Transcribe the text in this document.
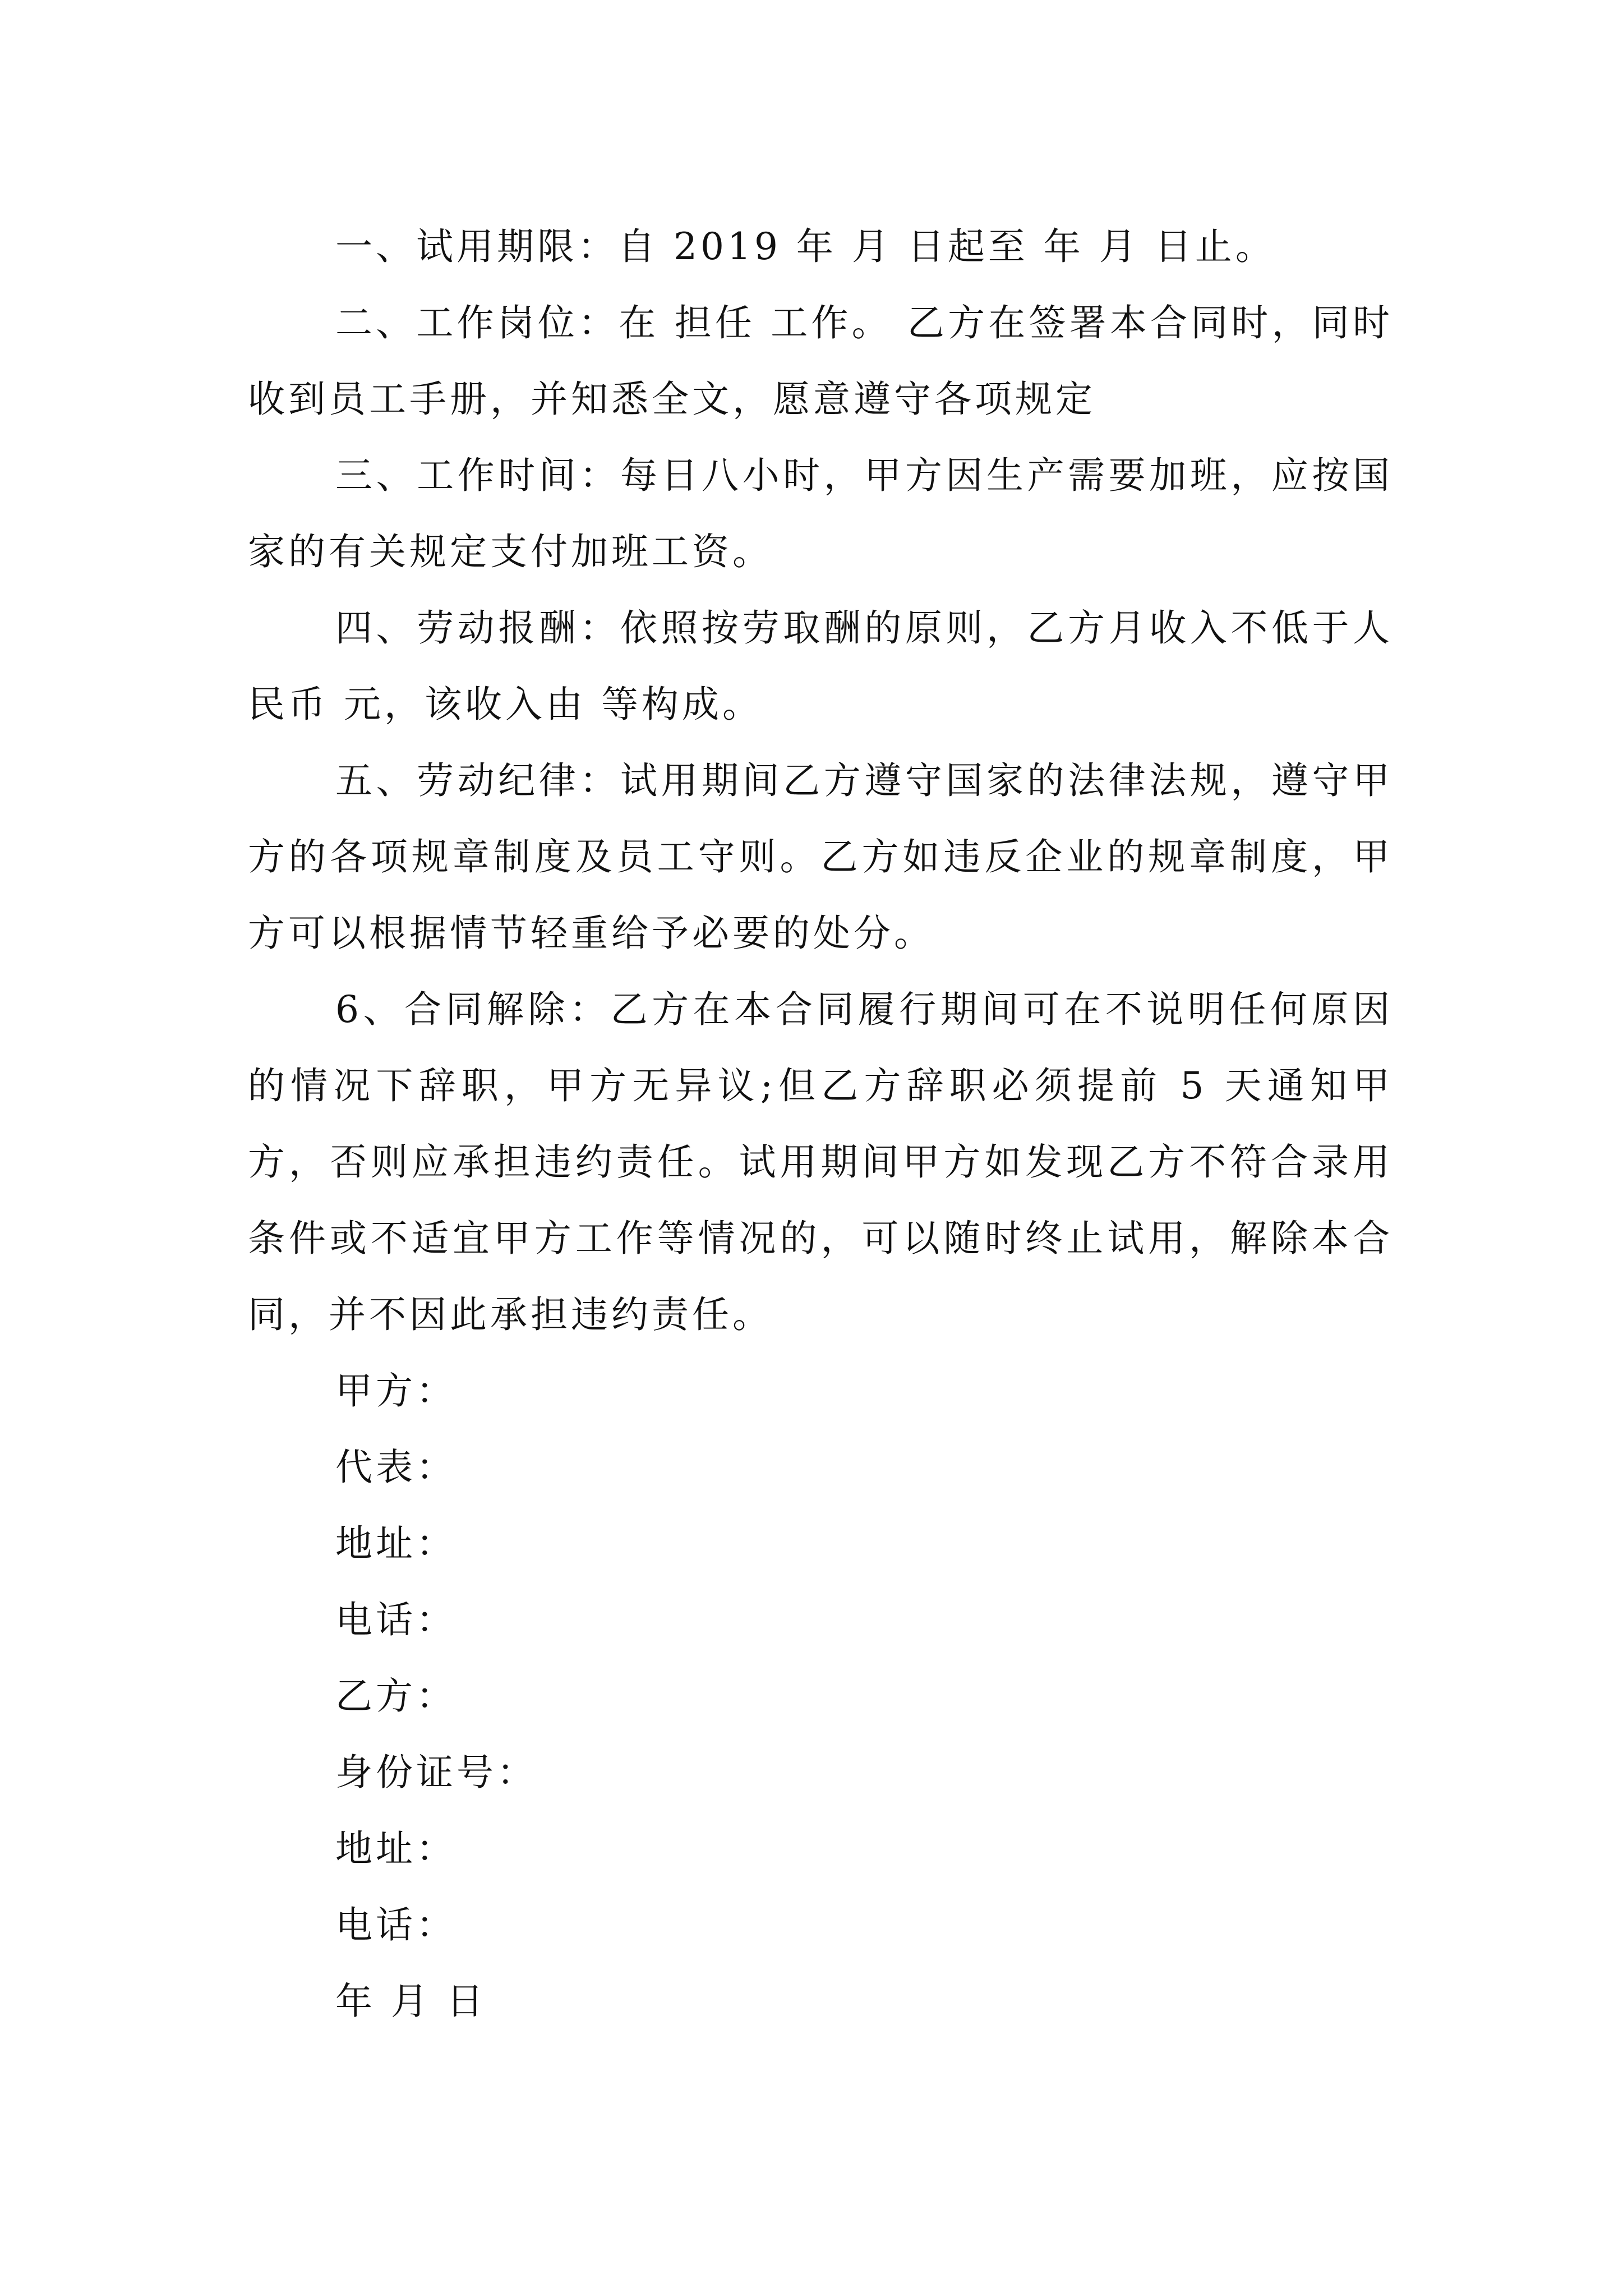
一、试用期限：自 2019 年 月 日起至 年 月 日止。

二、工作岗位：在 担任 工作。 乙方在签署本合同时，同时收到员工手册，并知悉全文，愿意遵守各项规定

三、工作时间：每日八小时，甲方因生产需要加班，应按国家的有关规定支付加班工资。

四、劳动报酬：依照按劳取酬的原则，乙方月收入不低于人民币 元，该收入由 等构成。

五、劳动纪律：试用期间乙方遵守国家的法律法规，遵守甲方的各项规章制度及员工守则。乙方如违反企业的规章制度，甲方可以根据情节轻重给予必要的处分。

6、合同解除：乙方在本合同履行期间可在不说明任何原因的情况下辞职，甲方无异议;但乙方辞职必须提前 5 天通知甲方，否则应承担违约责任。试用期间甲方如发现乙方不符合录用条件或不适宜甲方工作等情况的，可以随时终止试用，解除本合同，并不因此承担违约责任。

甲方：

代表：

地址：

电话：

乙方：

身份证号：

地址：

电话：

年 月 日
